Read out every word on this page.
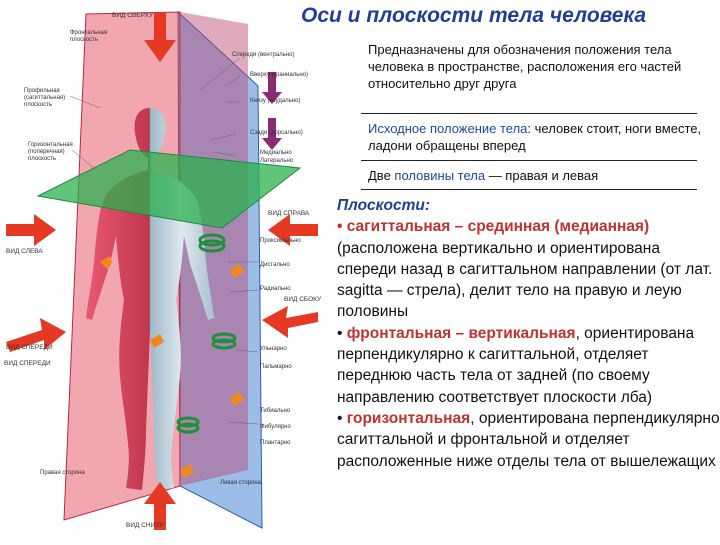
ВИД СВЕРХУ
Фронтальная плоскость
Профильная (сагиттальная) плоскость
Горизонтальная (поперечная) плоскость
Спереди (вентрально)
Вверху (краниально)
Книзу (каудально)
Сзади (дорсально)
Медиально
Латерально
ВИД СПРАВА
ВИД СЛЕВА
Проксимально
Дистально
ВИД СБОКУ
Радиально
ВИД СПЕРЕДИ	Ульнарно
Пальмарно
Тибиально
Фибулярно
Плантарно
Правая сторона
Левая сторона
ВИД СНИЗУ
ВИД СПЕРЕДИ
Оси и плоскости тела человека
Предназначены для обозначения положения тела человека в пространстве, расположения его частей относительно друг друга
Исходное положение тела: человек стоит, ноги вместе, ладони обращены вперед
Две половины тела — правая и левая
Плоскости:
• сагиттальная – срединная (медианная) (расположена вертикально и ориентирована спереди назад в сагиттальном направлении (от лат. sagitta — стрела), делит тело на правую и леую половины
• фронтальная – вертикальная, ориентирована перпендикулярно к сагиттальной, отделяет переднюю часть тела от задней (по своему направлению соответствует плоскости лба)
• горизонтальная, ориентирована перпендикулярно сагиттальной и фронтальной и отделяет расположенные ниже отделы тела от вышележащих
